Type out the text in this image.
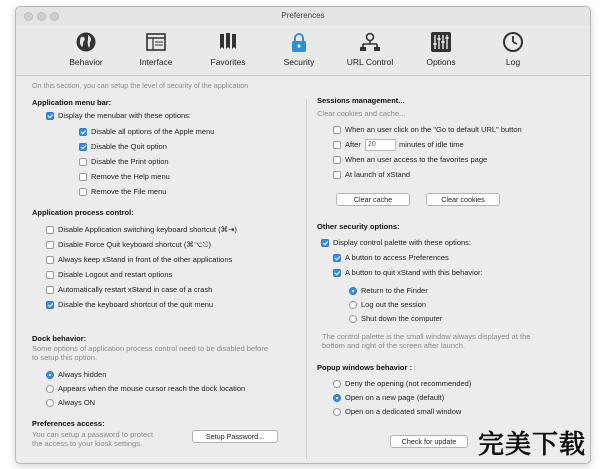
Preferences
Behavior	Interface	Favorites	Security	URL Control	Options	Log
On this section, you can setup the level of security of the application
Application menu bar:
Display the menubar with these options:
Disable all options of the Apple menu
Disable the Quit option
Disable the Print option
Remove the Help menu
Remove the File menu
Application process control:
Disable Application switching keyboard shortcut (⌘⇥)
Disable Force Quit keyboard shortcut (⌘⌥⎋)
Always keep xStand in front of the other applications
Disable Logout and restart options
Automatically restart xStand in case of a crash
Disable the keyboard shortcut of the quit menu
Dock behavior:
Some options of application process control need to be disabled before
to setup this option.
Always hidden
Appears when the mouse cursor reach the dock location
Always ON
Preferences access:
You can setup a password to protect
the access to your kiosk settings.
Setup Password...
Sessions management...
Clear cookies and cache...
When an user click on the "Go to default URL" button
After	20	minutes of idle time
When an user access to the favorites page
At launch of xStand
Clear cache	Clear cookies
Other security options:
Display control palette with these options:
A button to access Preferences
A button to quit xStand with this behavior:
Return to the Finder
Log out the session
Shut down the computer
The control palette is the small window always displayed at the
bottom and right of the screen after launch.
Popup windows behavior :
Deny the opening (not recommended)
Open on a new page (default)
Open on a dedicated small window
Check for update 完美下载
